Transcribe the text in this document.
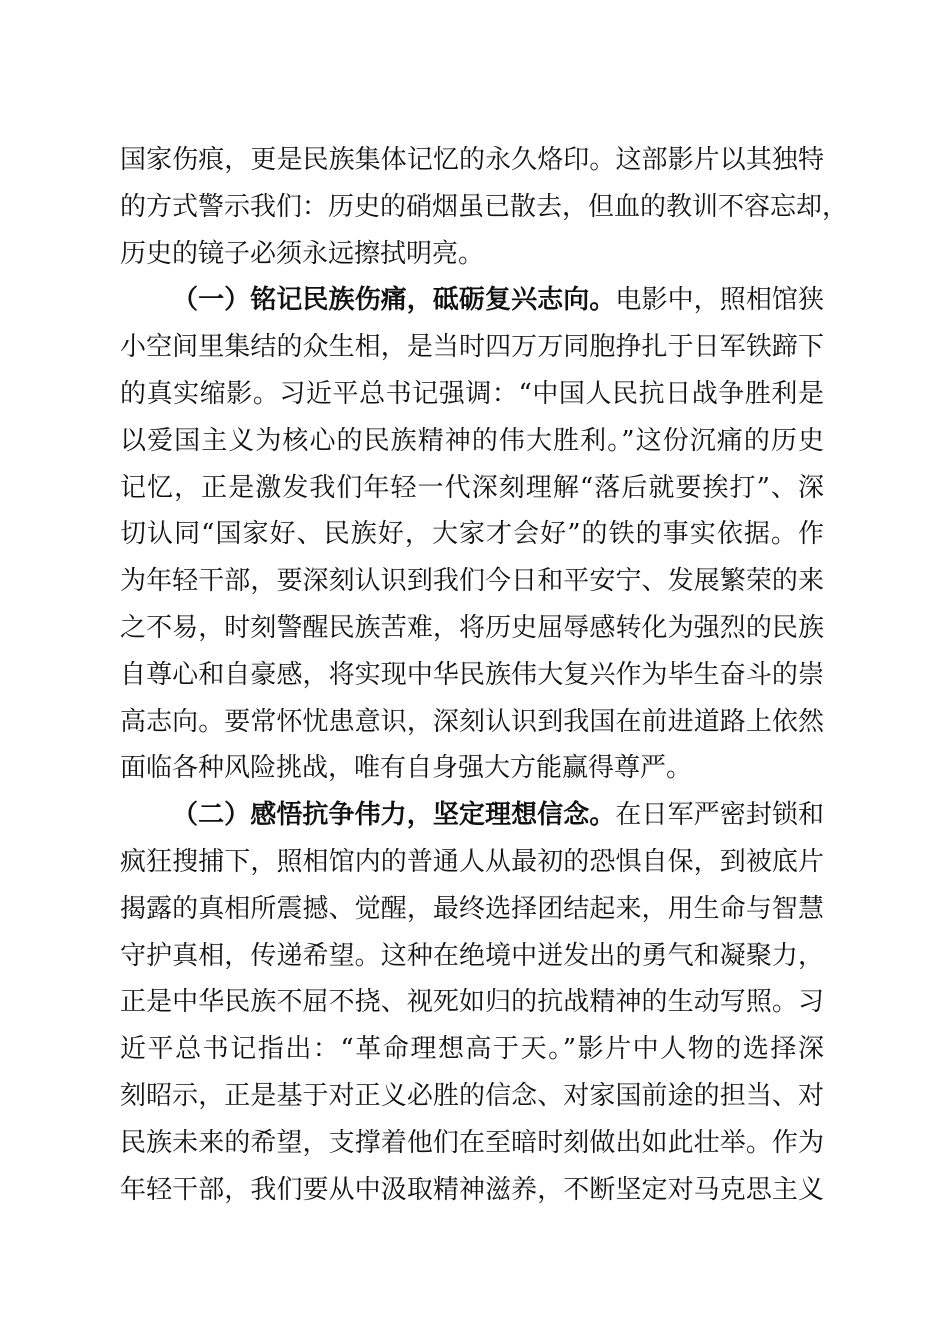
国家伤痕，更是民族集体记忆的永久烙印。这部影片以其独特
的方式警示我们：历史的硝烟虽已散去，但血的教训不容忘却，
历史的镜子必须永远擦拭明亮。
（一）铭记民族伤痛，砥砺复兴志向。电影中，照相馆狭
小空间里集结的众生相，是当时四万万同胞挣扎于日军铁蹄下
的真实缩影。习近平总书记强调：“中国人民抗日战争胜利是
以爱国主义为核心的民族精神的伟大胜利。”这份沉痛的历史
记忆，正是激发我们年轻一代深刻理解“落后就要挨打”、深
切认同“国家好、民族好，大家才会好”的铁的事实依据。作
为年轻干部，要深刻认识到我们今日和平安宁、发展繁荣的来
之不易，时刻警醒民族苦难，将历史屈辱感转化为强烈的民族
自尊心和自豪感，将实现中华民族伟大复兴作为毕生奋斗的崇
高志向。要常怀忧患意识，深刻认识到我国在前进道路上依然
面临各种风险挑战，唯有自身强大方能赢得尊严。
（二）感悟抗争伟力，坚定理想信念。在日军严密封锁和
疯狂搜捕下，照相馆内的普通人从最初的恐惧自保，到被底片
揭露的真相所震撼、觉醒，最终选择团结起来，用生命与智慧
守护真相，传递希望。这种在绝境中迸发出的勇气和凝聚力，
正是中华民族不屈不挠、视死如归的抗战精神的生动写照。习
近平总书记指出：“革命理想高于天。”影片中人物的选择深
刻昭示，正是基于对正义必胜的信念、对家国前途的担当、对
民族未来的希望，支撑着他们在至暗时刻做出如此壮举。作为
年轻干部，我们要从中汲取精神滋养，不断坚定对马克思主义
